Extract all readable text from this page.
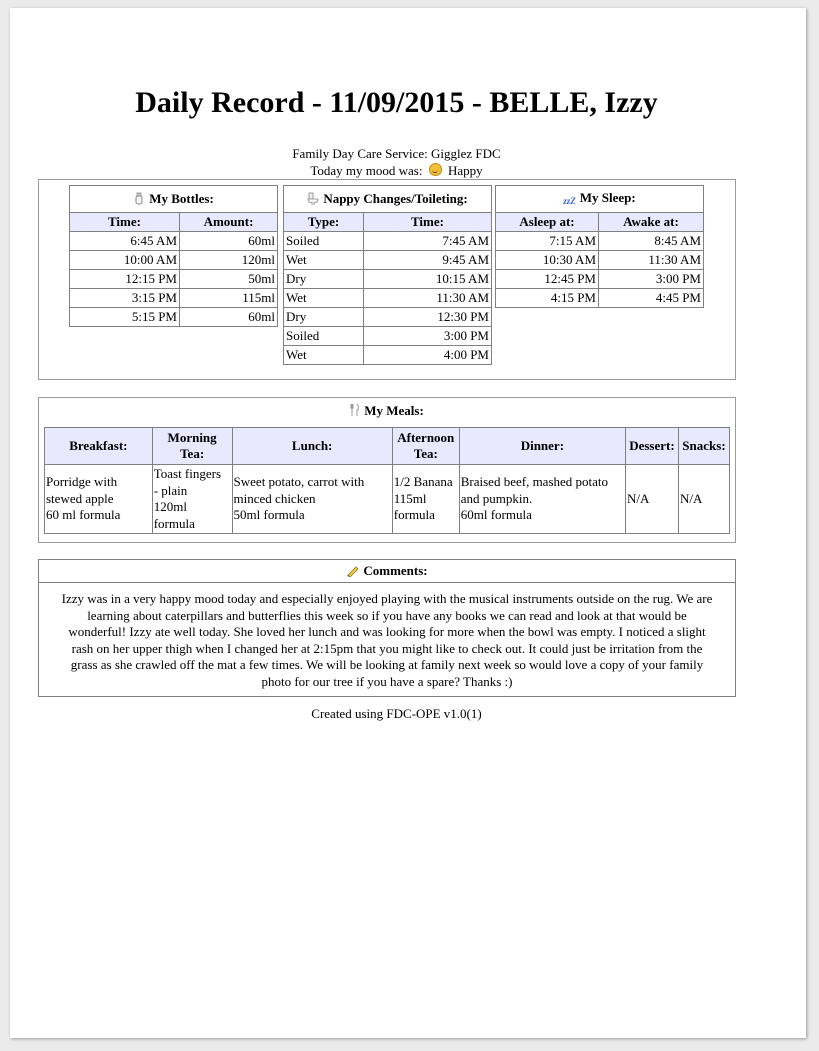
Daily Record - 11/09/2015 - BELLE, Izzy
Family Day Care Service: Gigglez FDC
Today my mood was: Happy
My Bottles:	
Time:	Amount:
6:45 AM	60ml
10:00 AM	120ml
12:15 PM	50ml
3:15 PM	115ml
5:15 PM	60ml
Nappy Changes/Toileting:	
Type:	Time:
Soiled	7:45 AM
Wet	9:45 AM
Dry	10:15 AM
Wet	11:30 AM
Dry	12:30 PM
Soiled	3:00 PM
Wet	4:00 PM
zzZ My Sleep:	
Asleep at:	Awake at:
7:15 AM	8:45 AM
10:30 AM	11:30 AM
12:45 PM	3:00 PM
4:15 PM	4:45 PM
My Meals:
Breakfast:	Morning Tea:	Lunch:	Afternoon Tea:	Dinner:	Dessert:	Snacks:
Porridge with
stewed apple
60 ml formula	Toast fingers
- plain
120ml
formula	Sweet potato, carrot with
minced chicken
50ml formula	1/2 Banana
115ml
formula	Braised beef, mashed potato
and pumpkin.
60ml formula	N/A	N/A
Comments:
Izzy was in a very happy mood today and especially enjoyed playing with the musical instruments outside on the rug. We are
learning about caterpillars and butterflies this week so if you have any books we can read and look at that would be
wonderful! Izzy ate well today. She loved her lunch and was looking for more when the bowl was empty. I noticed a slight
rash on her upper thigh when I changed her at 2:15pm that you might like to check out. It could just be irritation from the
grass as she crawled off the mat a few times. We will be looking at family next week so would love a copy of your family
photo for our tree if you have a spare? Thanks :)
Created using FDC-OPE v1.0(1)
